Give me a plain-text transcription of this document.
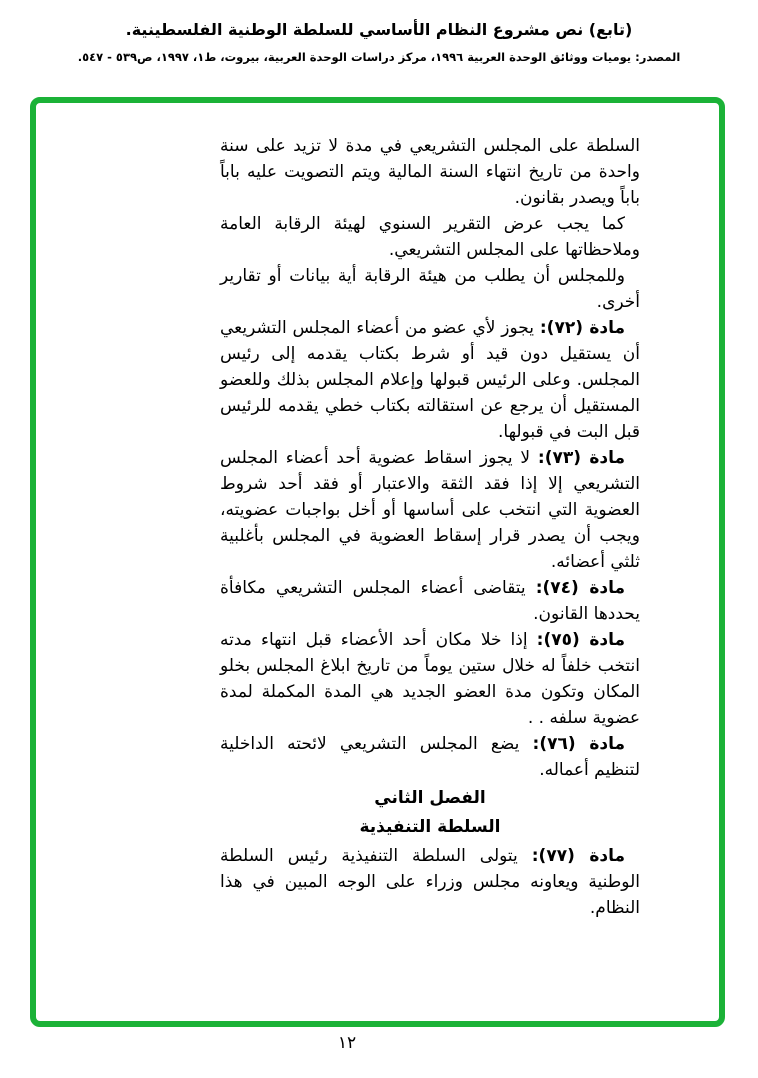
(تابع) نص مشروع النظام الأساسي للسلطة الوطنية الفلسطينية.
المصدر: يوميات ووثائق الوحدة العربية ١٩٩٦، مركز دراسات الوحدة العربية، بيروت، ط١، ١٩٩٧، ص٥٣٩ - ٥٤٧.

السلطة على المجلس التشريعي في مدة لا تزيد على سنة واحدة من تاريخ انتهاء السنة المالية ويتم التصويت عليه باباً باباً ويصدر بقانون.

كما يجب عرض التقرير السنوي لهيئة الرقابة العامة وملاحظاتها على المجلس التشريعي.

وللمجلس أن يطلب من هيئة الرقابة أية بيانات أو تقارير أخرى.

مادة (٧٢): يجوز لأي عضو من أعضاء المجلس التشريعي أن يستقيل دون قيد أو شرط بكتاب يقدمه إلى رئيس المجلس. وعلى الرئيس قبولها وإعلام المجلس بذلك وللعضو المستقيل أن يرجع عن استقالته بكتاب خطي يقدمه للرئيس قبل البت في قبولها.

مادة (٧٣): لا يجوز اسقاط عضوية أحد أعضاء المجلس التشريعي إلا إذا فقد الثقة والاعتبار أو فقد أحد شروط العضوية التي انتخب على أساسها أو أخل بواجبات عضويته، ويجب أن يصدر قرار إسقاط العضوية في المجلس بأغلبية ثلثي أعضائه.

مادة (٧٤): يتقاضى أعضاء المجلس التشريعي مكافأة يحددها القانون.

مادة (٧٥): إذا خلا مكان أحد الأعضاء قبل انتهاء مدته انتخب خلفاً له خلال ستين يوماً من تاريخ ابلاغ المجلس بخلو المكان وتكون مدة العضو الجديد هي المدة المكملة لمدة عضوية سلفه . .

مادة (٧٦): يضع المجلس التشريعي لائحته الداخلية لتنظيم أعماله.

الفصل الثاني

السلطة التنفيذية

مادة (٧٧): يتولى السلطة التنفيذية رئيس السلطة الوطنية ويعاونه مجلس وزراء على الوجه المبين في هذا النظام.

١٢
